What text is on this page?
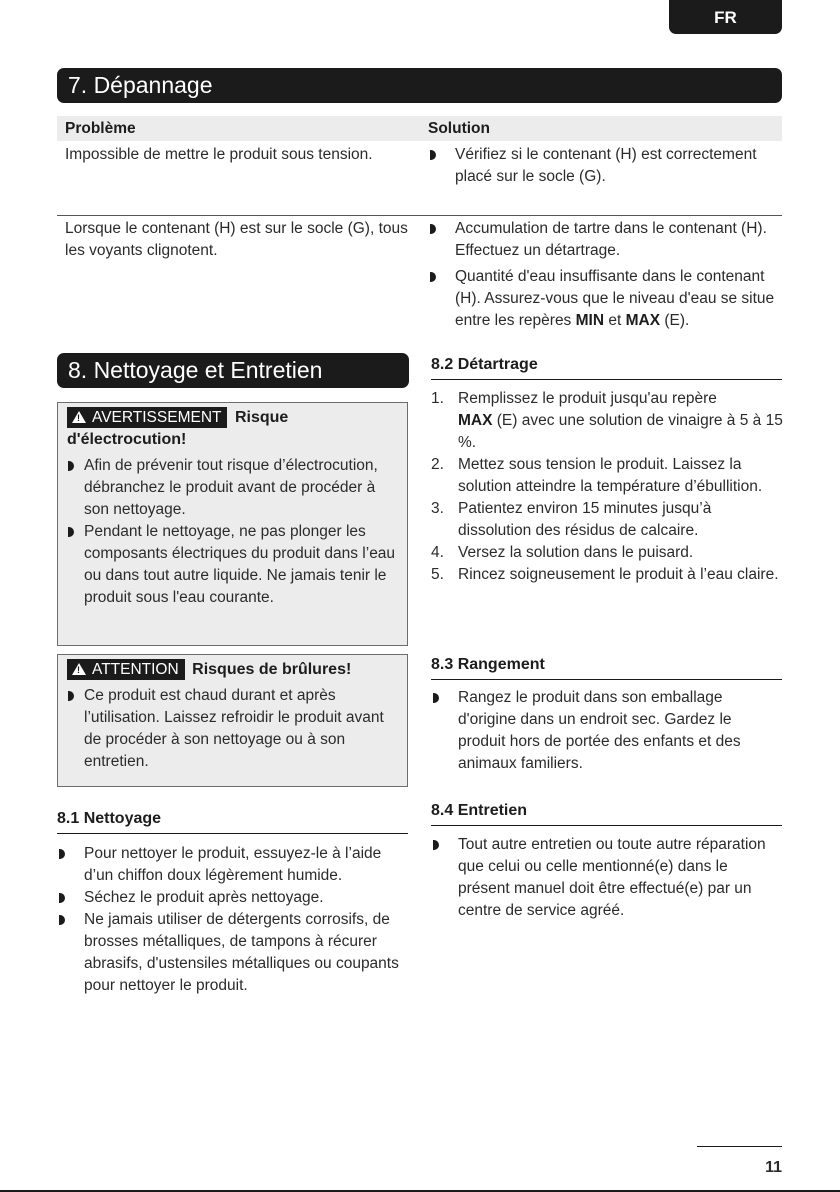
FR
7. Dépannage
Problème	Solution
Impossible de mettre le produit sous tension.	Vérifiez si le contenant (H) est correctement placé sur le socle (G).
Lorsque le contenant (H) est sur le socle (G), tous les voyants clignotent.
Accumulation de tartre dans le contenant (H). Effectuez un détartrage.
Quantité d'eau insuffisante dans le contenant (H). Assurez-vous que le niveau d'eau se situe entre les repères MIN et MAX (E).
8. Nettoyage et Entretien
! AVERTISSEMENT Risque
d'électrocution!
Afin de prévenir tout risque d’électrocution, débranchez le produit avant de procéder à son nettoyage.
Pendant le nettoyage, ne pas plonger les composants électriques du produit dans l’eau ou dans tout autre liquide. Ne jamais tenir le produit sous l'eau courante.
! ATTENTION Risques de brûlures!
Ce produit est chaud durant et après l’utilisation. Laissez refroidir le produit avant de procéder à son nettoyage ou à son entretien.
8.1 Nettoyage
Pour nettoyer le produit, essuyez-le à l’aide d’un chiffon doux légèrement humide.
Séchez le produit après nettoyage.
Ne jamais utiliser de détergents corrosifs, de brosses métalliques, de tampons à récurer abrasifs, d'ustensiles métalliques ou coupants pour nettoyer le produit.
8.2 Détartrage
1. Remplissez le produit jusqu'au repère
MAX (E) avec une solution de vinaigre à 5 à 15 %.
2. Mettez sous tension le produit. Laissez la solution atteindre la température d’ébullition.
3. Patientez environ 15 minutes jusqu’à dissolution des résidus de calcaire.
4. Versez la solution dans le puisard.
5. Rincez soigneusement le produit à l’eau claire.
8.3 Rangement
Rangez le produit dans son emballage d'origine dans un endroit sec. Gardez le produit hors de portée des enfants et des animaux familiers.
8.4 Entretien
Tout autre entretien ou toute autre réparation que celui ou celle mentionné(e) dans le présent manuel doit être effectué(e) par un centre de service agréé.
11
